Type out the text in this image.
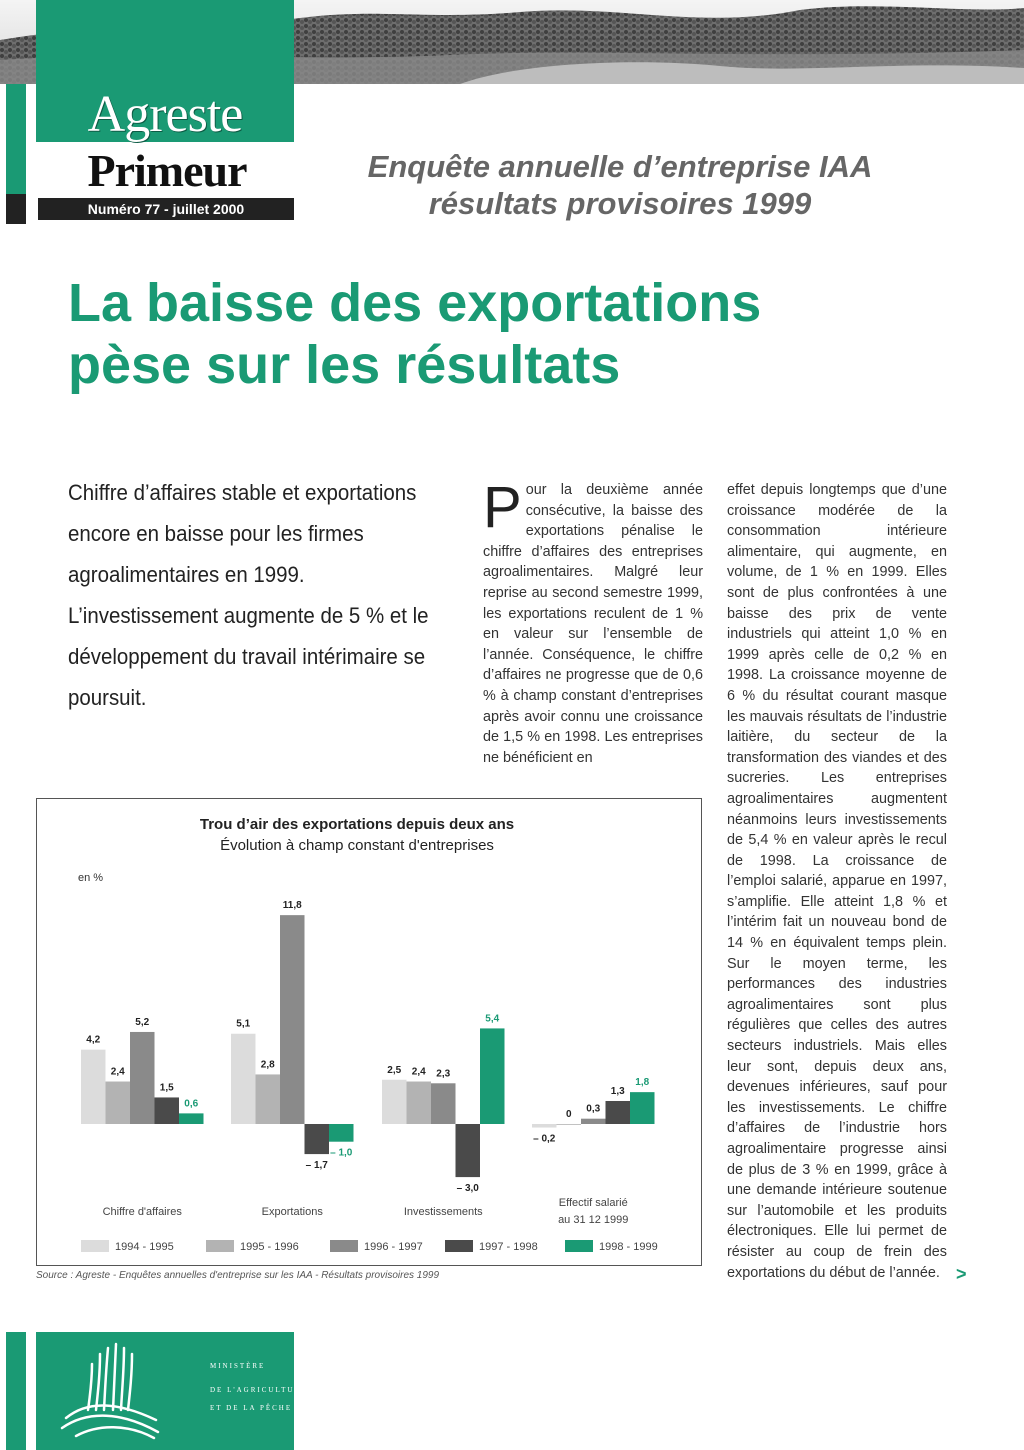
Agreste
Primeur
Numéro 77 - juillet 2000
Enquête annuelle d’entreprise IAA
résultats provisoires 1999
La baisse des exportations
pèse sur les résultats
Chiffre d’affaires stable et exportations encore en baisse pour les firmes agroalimentaires en 1999. L’investissement augmente de 5 % et le développement du travail intérimaire se poursuit.
Pour la deuxième année consécutive, la baisse des exportations pénalise le chiffre d’affaires des entreprises agroalimentaires. Malgré leur reprise au second semestre 1999, les exportations reculent de 1 % en valeur sur l’ensemble de l’année. Conséquence, le chiffre d’affaires ne progresse que de 0,6 % à champ constant d’entreprises après avoir connu une croissance de 1,5 % en 1998. Les entreprises ne bénéficient en
effet depuis longtemps que d’une croissance modérée de la consommation intérieure alimentaire, qui augmente, en volume, de 1 % en 1999. Elles sont de plus confrontées à une baisse des prix de vente industriels qui atteint 1,0 % en 1999 après celle de 0,2 % en 1998. La croissance moyenne de 6 % du résultat courant masque les mauvais résultats de l’industrie laitière, du secteur de la transformation des viandes et des sucreries. Les entreprises agroalimentaires augmentent néanmoins leurs investissements de 5,4 % en valeur après le recul de 1998. La croissance de l’emploi salarié, apparue en 1997, s’amplifie. Elle atteint 1,8 % et l’intérim fait un nouveau bond de 14 % en équivalent temps plein. Sur le moyen terme, les performances des industries agroalimentaires sont plus régulières que celles des autres secteurs industriels. Mais elles leur sont, depuis deux ans, devenues inférieures, sauf pour les investissements. Le chiffre d’affaires de l’industrie hors agroalimentaire progresse ainsi de plus de 3 % en 1999, grâce à une demande intérieure soutenue sur l’automobile et les produits électroniques. Elle lui permet de résister au coup de frein des exportations du début de l’année. >
Trou d’air des exportations depuis deux ans
Évolution à champ constant d'entreprises
en %
4,2
2,4
5,2
1,5
0,6
Chiffre d'affaires
5,1
2,8
11,8
– 1,7
– 1,0
Exportations
2,5 2,4 2,3
– 3,0
5,4
Investissements
– 0,2
0 0,3
1,3
1,8
Effectif salarié
au 31 12 1999
1994 - 1995	1995 - 1996	1996 - 1997	1997 - 1998	1998 - 1999
Source : Agreste - Enquêtes annuelles d'entreprise sur les IAA - Résultats provisoires 1999
MINISTÈRE
DE L'AGRICULTURE
ET DE LA PÊCHE
